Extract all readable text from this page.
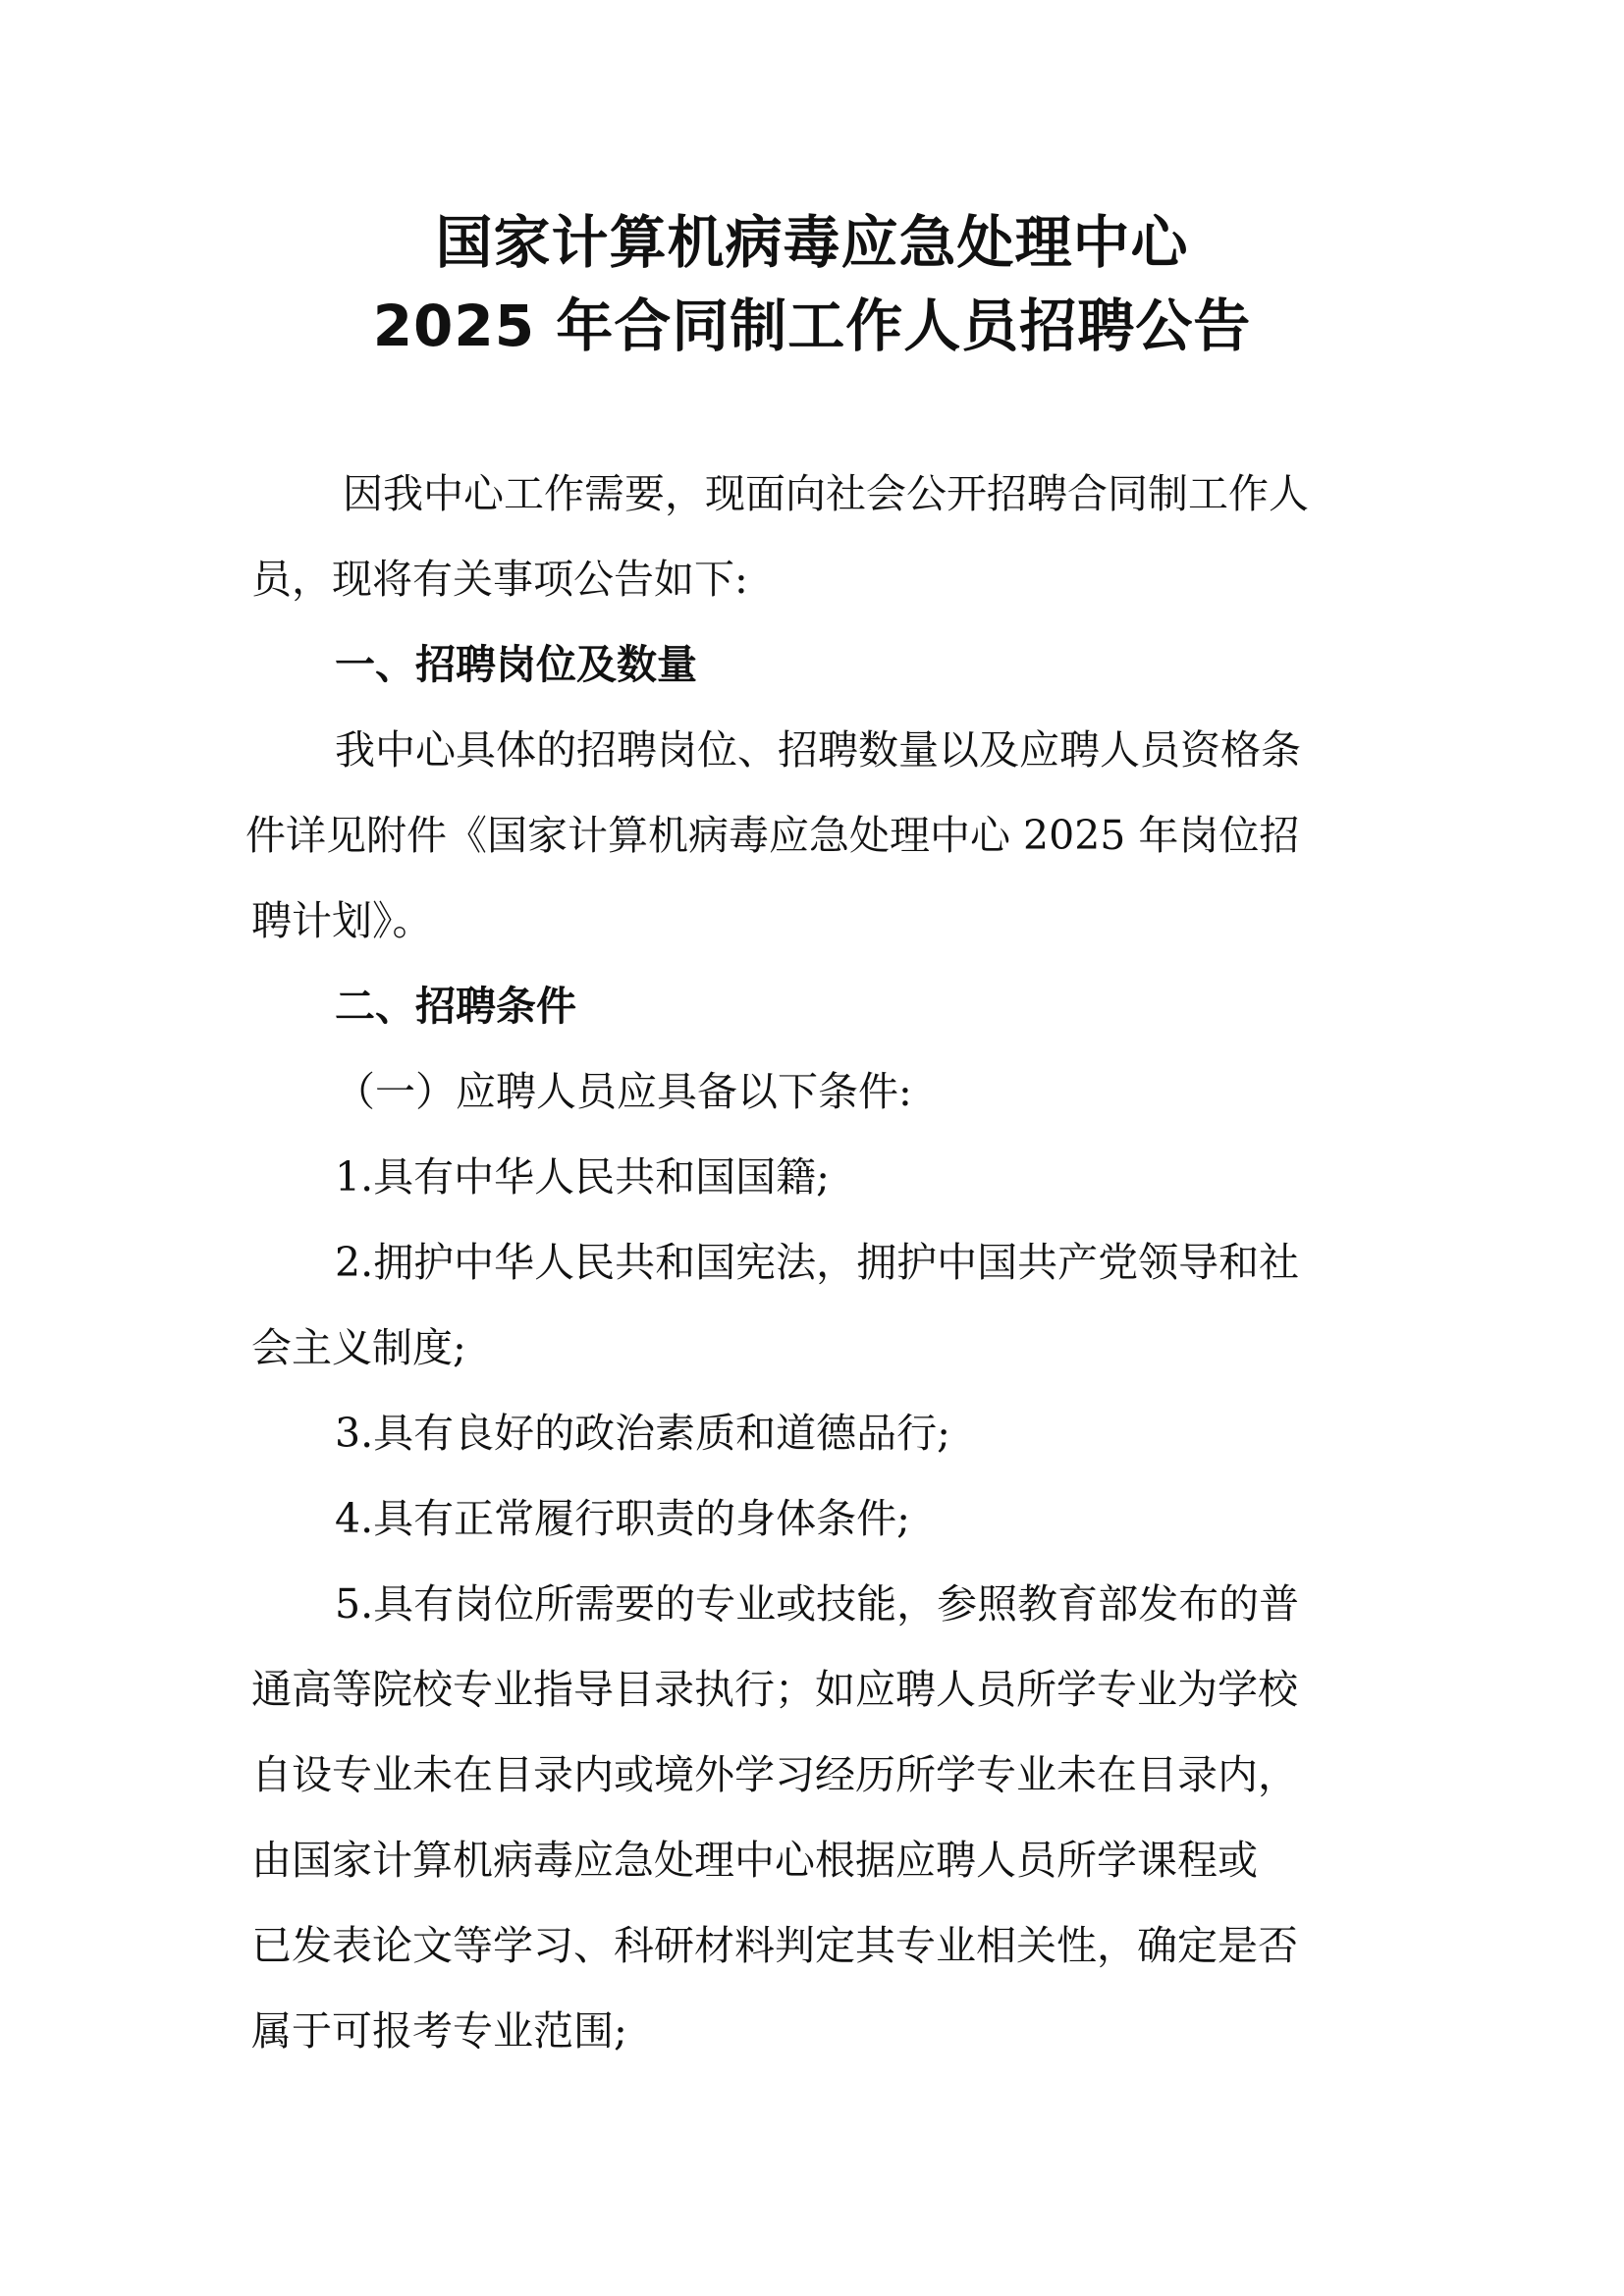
国家计算机病毒应急处理中心
2025 年合同制工作人员招聘公告
因我中心工作需要，现面向社会公开招聘合同制工作人
员，现将有关事项公告如下:
一、招聘岗位及数量
我中心具体的招聘岗位、招聘数量以及应聘人员资格条
件详见附件《国家计算机病毒应急处理中心 2025 年岗位招
聘计划》。
二、招聘条件
（一）应聘人员应具备以下条件:
1.具有中华人民共和国国籍;
2.拥护中华人民共和国宪法，拥护中国共产党领导和社
会主义制度;
3.具有良好的政治素质和道德品行;
4.具有正常履行职责的身体条件;
5.具有岗位所需要的专业或技能，参照教育部发布的普
通高等院校专业指导目录执行；如应聘人员所学专业为学校
自设专业未在目录内或境外学习经历所学专业未在目录内，
由国家计算机病毒应急处理中心根据应聘人员所学课程或
已发表论文等学习、科研材料判定其专业相关性，确定是否
属于可报考专业范围;
